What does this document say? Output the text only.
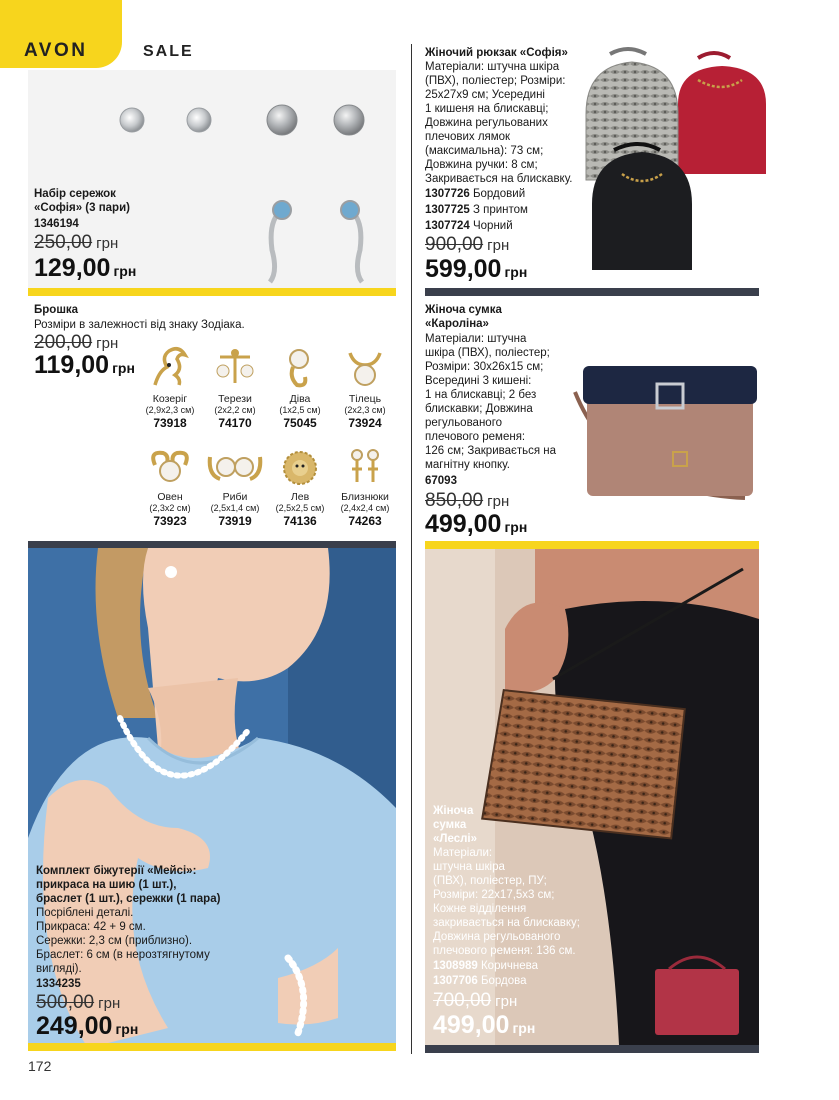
AVON	SALE
Набір сережок
«Софія» (3 пари)
1346194
250,00 грн
129,00 грн
Брошка
Розміри в залежності від знаку Зодіака.
200,00 грн
119,00 грн
Козеріг
(2,9х2,3 см)
73918
Терези
(2х2,2 см)
74170
Діва
(1х2,5 см)
75045
Тілець
(2х2,3 см)
73924
Овен
(2,3х2 см)
73923
Риби
(2,5х1,4 см)
73919
Лев
(2,5х2,5 см)
74136
Близнюки
(2,4х2,4 см)
74263
Комплект біжутерії «Мейсі»:
прикраса на шию (1 шт.),
браслет (1 шт.), сережки (1 пара)
Посріблені деталі.
Прикраса: 42 + 9 см.
Сережки: 2,3 см (приблизно).
Браслет: 6 см (в нерозтягнутому
вигляді).
1334235
500,00 грн
249,00 грн
Жіночий рюкзак «Софія»
Матеріали: штучна шкіра
(ПВХ), поліестер; Розміри:
25х27х9 см; Усередині
1 кишеня на блискавці;
Довжина регульованих
плечових лямок
(максимальна): 73 см;
Довжина ручки: 8 см;
Закривається на блискавку.
1307726 Бордовий
1307725 З принтом
1307724 Чорний
900,00 грн
599,00 грн
Жіноча сумка
«Кароліна»
Матеріали: штучна
шкіра (ПВХ), поліестер;
Розміри: 30х26х15 см;
Всередині 3 кишені:
1 на блискавці; 2 без
блискавки; Довжина
регульованого
плечового ременя:
126 см; Закривається на
магнітну кнопку.
67093
850,00 грн
499,00 грн
Жіноча
сумка
«Леслі»
Матеріали:
штучна шкіра
(ПВХ), поліестер, ПУ;
Розміри: 22х17,5х3 см;
Кожне відділення
закривається на блискавку;
Довжина регульованого
плечового ременя: 136 см.
1308989 Коричнева
1307706 Бордова
700,00 грн
499,00 грн
172
